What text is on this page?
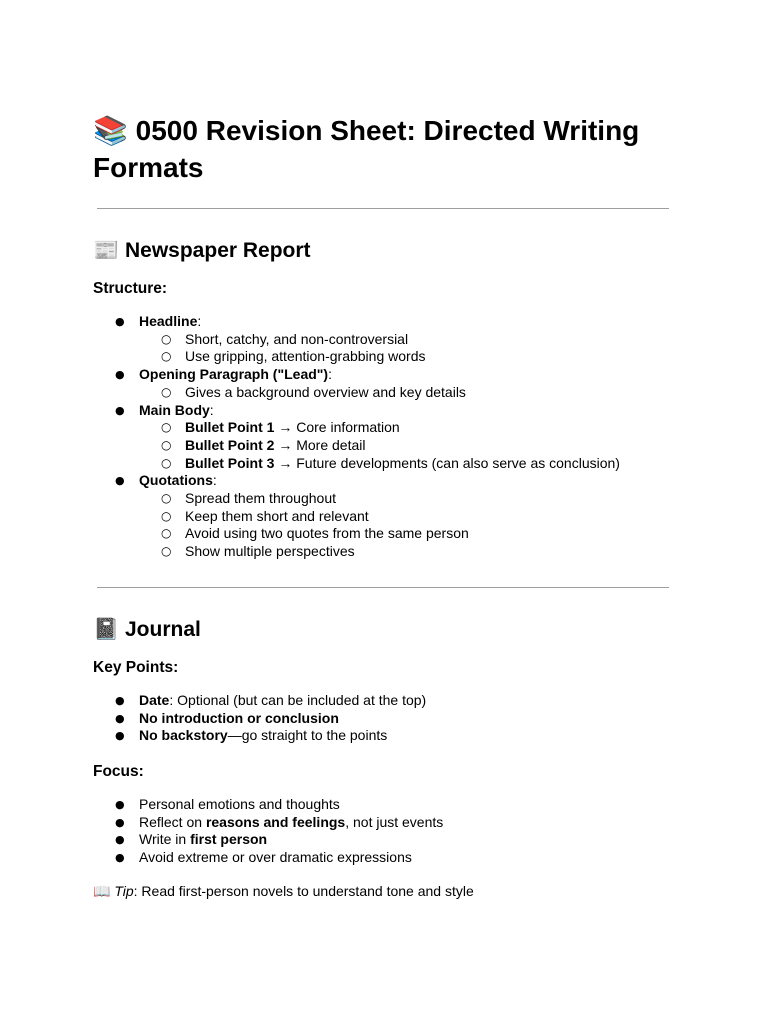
📚 0500 Revision Sheet: Directed Writing Formats
📰 Newspaper Report
Structure:
● Headline:
○ Short, catchy, and non-controversial
○ Use gripping, attention-grabbing words
● Opening Paragraph ("Lead"):
○ Gives a background overview and key details
● Main Body:
○ Bullet Point 1 → Core information
○ Bullet Point 2 → More detail
○ Bullet Point 3 → Future developments (can also serve as conclusion)
● Quotations:
○ Spread them throughout
○ Keep them short and relevant
○ Avoid using two quotes from the same person
○ Show multiple perspectives
📓 Journal
Key Points:
● Date: Optional (but can be included at the top)
● No introduction or conclusion
● No backstory—go straight to the points
Focus:
● Personal emotions and thoughts
● Reflect on reasons and feelings, not just events
● Write in first person
● Avoid extreme or over dramatic expressions

📖 Tip: Read first-person novels to understand tone and style
